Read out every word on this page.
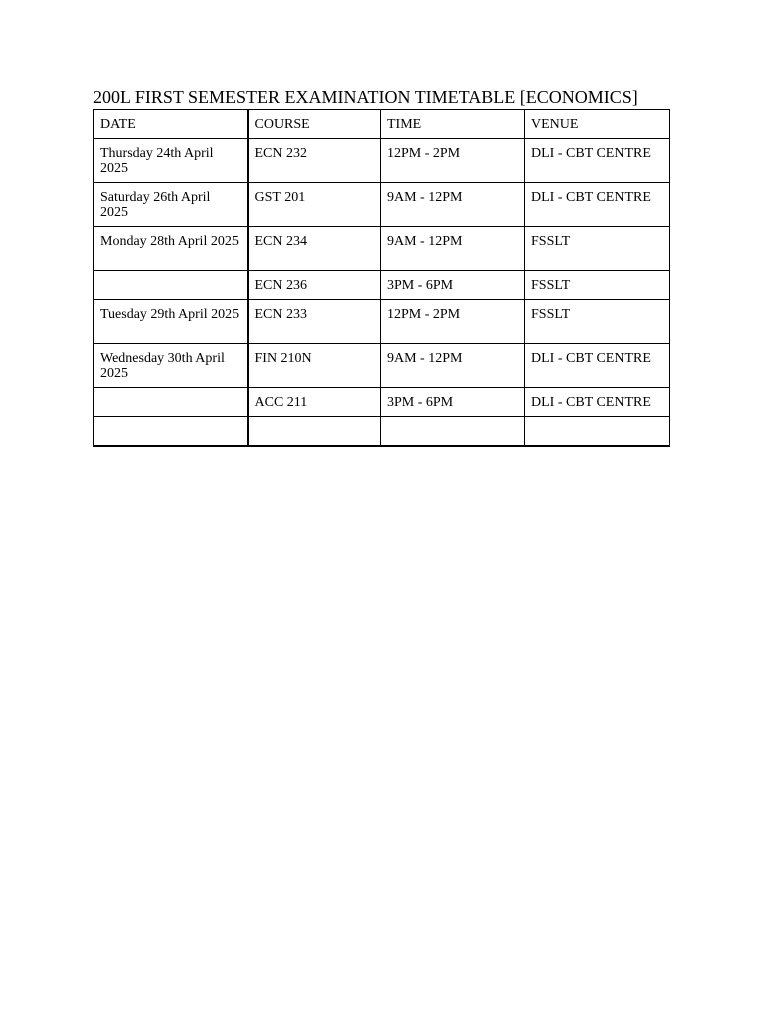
200L FIRST SEMESTER EXAMINATION TIMETABLE [ECONOMICS]
DATE	COURSE	TIME	VENUE
Thursday 24th April 2025	ECN 232	12PM - 2PM	DLI - CBT CENTRE
Saturday 26th April 2025	GST 201	9AM - 12PM	DLI - CBT CENTRE
Monday 28th April 2025	ECN 234	9AM - 12PM	FSSLT
	ECN 236	3PM - 6PM	FSSLT
Tuesday 29th April 2025	ECN 233	12PM - 2PM	FSSLT
Wednesday 30th April 2025	FIN 210N	9AM - 12PM	DLI - CBT CENTRE
	ACC 211	3PM - 6PM	DLI - CBT CENTRE
